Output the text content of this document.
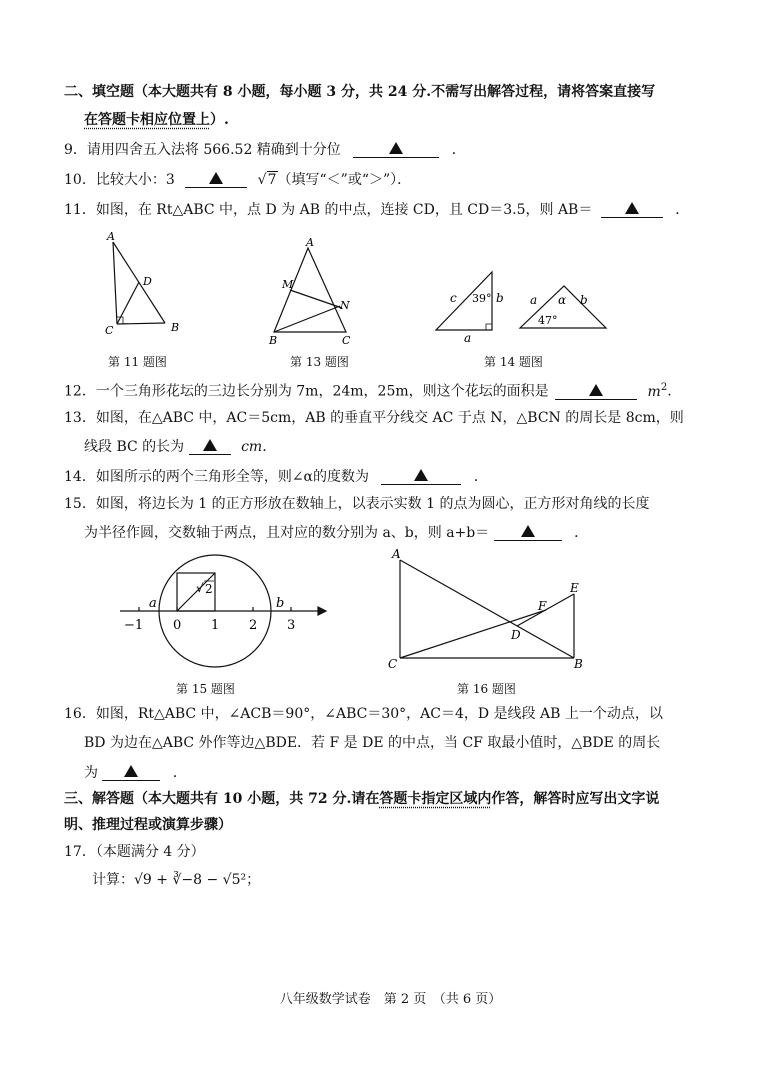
二、填空题（本大题共有 8 小题，每小题 3 分，共 24 分.不需写出解答过程，请将答案直接写
在答题卡相应位置上）.
9．请用四舍五入法将 566.52 精确到十分位	．
10．比较大小：3	√7（填写“＜”或“＞”）．
11．如图，在 Rt△ABC 中，点 D 为 AB 的中点，连接 CD，且 CD＝3.5，则 AB＝	．
A
D
C	B
第 11 题图
A
M
N
B	C
第 13 题图
c 39° b
a
a α b
47°
第 14 题图
12．一个三角形花坛的三边长分别为 7m，24m，25m，则这个花坛的面积是	$m^2$.
13．如图，在△ABC 中，AC＝5cm，AB 的垂直平分线交 AC 于点 N，△BCN 的周长是 8cm，则
线段 BC 的长为	cm.
14．如图所示的两个三角形全等，则∠α的度数为	．
15．如图，将边长为 1 的正方形放在数轴上，以表示实数 1 的点为圆心，正方形对角线的长度
为半径作圆，交数轴于两点，且对应的数分别为 a、b，则 a+b＝	．
a	b
√ 2
−1 0 1 2 3
第 15 题图
A
E
F
D
C	B
第 16 题图
16．如图，Rt△ABC 中，∠ACB＝90°，∠ABC＝30°，AC＝4，D 是线段 AB 上一个动点，以
BD 为边在△ABC 外作等边△BDE．若 F 是 DE 的中点，当 CF 取最小值时，△BDE 的周长
为	．
三、解答题（本大题共有 10 小题，共 72 分.请在答题卡指定区域内作答，解答时应写出文字说
明、推理过程或演算步骤）
17．（本题满分 4 分）
计算：√9 + ∛−8 − √5²；
八年级数学试卷　第 2 页　（共 6 页）
